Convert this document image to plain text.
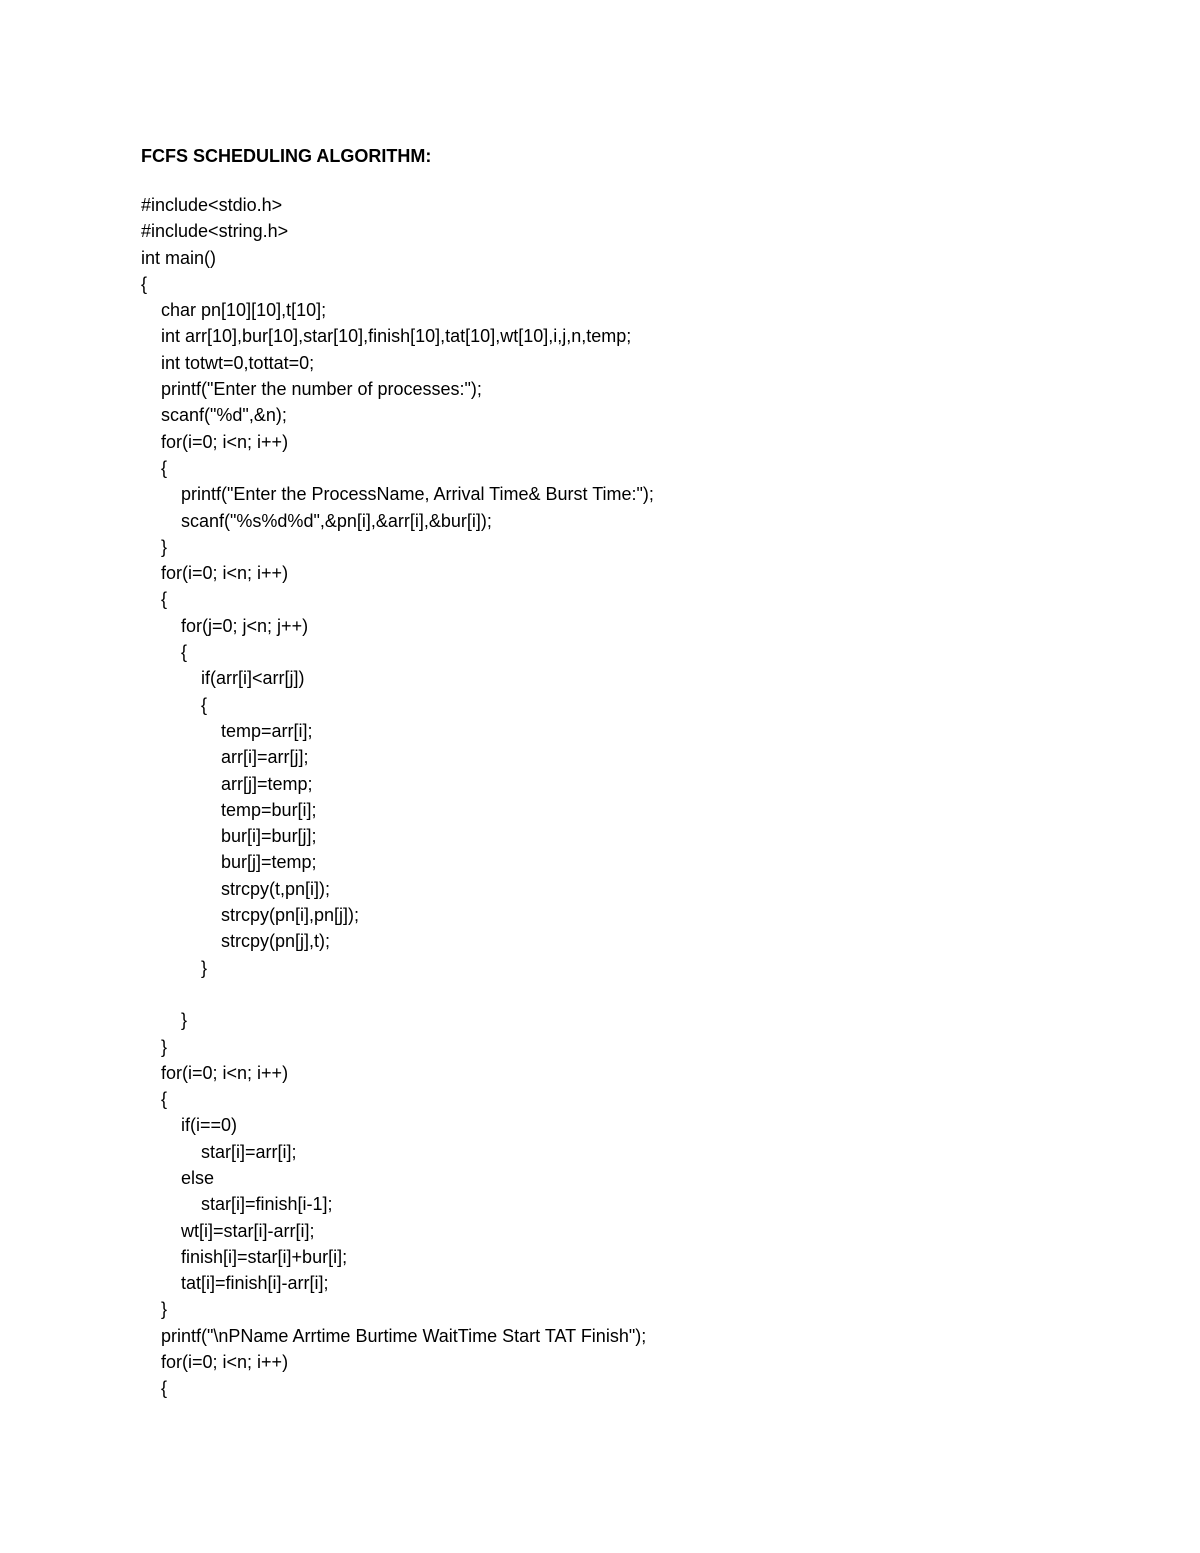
FCFS SCHEDULING ALGORITHM:
#include<stdio.h>
#include<string.h>
int main()
{
char pn[10][10],t[10];
int arr[10],bur[10],star[10],finish[10],tat[10],wt[10],i,j,n,temp;
int totwt=0,tottat=0;
printf("Enter the number of processes:");
scanf("%d",&n);
for(i=0; i<n; i++)
{
printf("Enter the ProcessName, Arrival Time& Burst Time:");
scanf("%s%d%d",&pn[i],&arr[i],&bur[i]);
}
for(i=0; i<n; i++)
{
for(j=0; j<n; j++)
{
if(arr[i]<arr[j])
{
temp=arr[i];
arr[i]=arr[j];
arr[j]=temp;
temp=bur[i];
bur[i]=bur[j];
bur[j]=temp;
strcpy(t,pn[i]);
strcpy(pn[i],pn[j]);
strcpy(pn[j],t);
}
}
}
for(i=0; i<n; i++)
{
if(i==0)
star[i]=arr[i];
else
star[i]=finish[i-1];
wt[i]=star[i]-arr[i];
finish[i]=star[i]+bur[i];
tat[i]=finish[i]-arr[i];
}
printf("\nPName Arrtime Burtime WaitTime Start TAT Finish");
for(i=0; i<n; i++)
{
